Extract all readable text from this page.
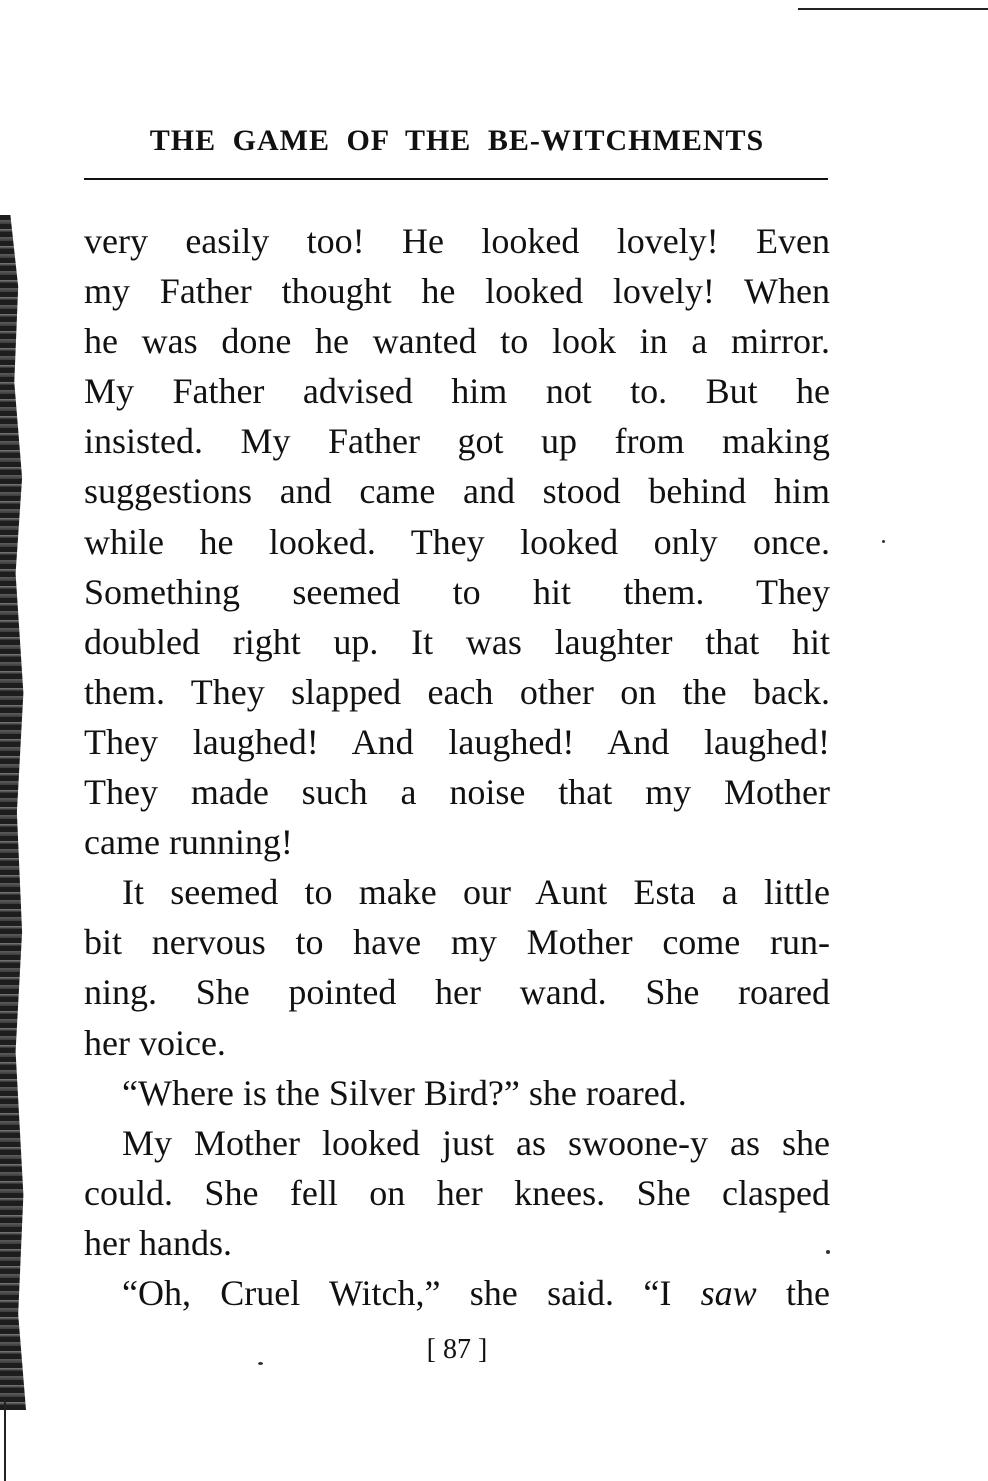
THE GAME OF THE BE-WITCHMENTS
very easily too! He looked lovely! Even
my Father thought he looked lovely! When
he was done he wanted to look in a mirror.
My Father advised him not to. But he
insisted. My Father got up from making
suggestions and came and stood behind him
while he looked. They looked only once.
Something seemed to hit them. They
doubled right up. It was laughter that hit
them. They slapped each other on the back.
They laughed! And laughed! And laughed!
They made such a noise that my Mother
came running!
It seemed to make our Aunt Esta a little
bit nervous to have my Mother come run-
ning. She pointed her wand. She roared
her voice.
“Where is the Silver Bird?” she roared.
My Mother looked just as swoone-y as she
could. She fell on her knees. She clasped
her hands.
“Oh, Cruel Witch,” she said. “I saw the

[ 87 ]
